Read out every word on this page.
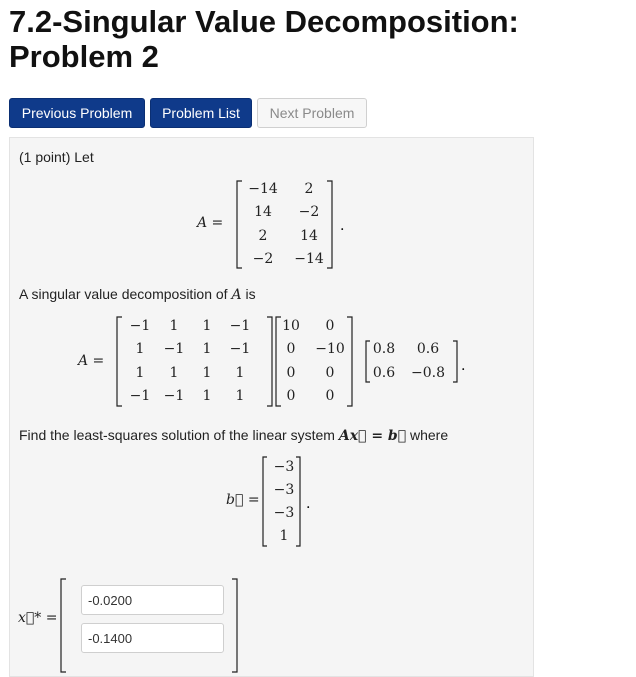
7.2-Singular Value Decomposition: Problem 2
Previous Problem	Problem List	Next Problem
(1 point) Let
A =	.
−14	2
14	−2
2	14
−2	−14
A singular value decomposition of A is
A =
−1	1	1	−1
1	−1	1	−1
1	1	1	1
−1 −1	1	1
10	0
0	−10
0	0
0	0
.
0.8	0.6
0.6	−0.8
Find the least-squares solution of the linear system Ax⃗ = b⃗ where
b⃗ =	.
−3
−3
−3
1
x⃗* =
-0.0200
-0.1400
